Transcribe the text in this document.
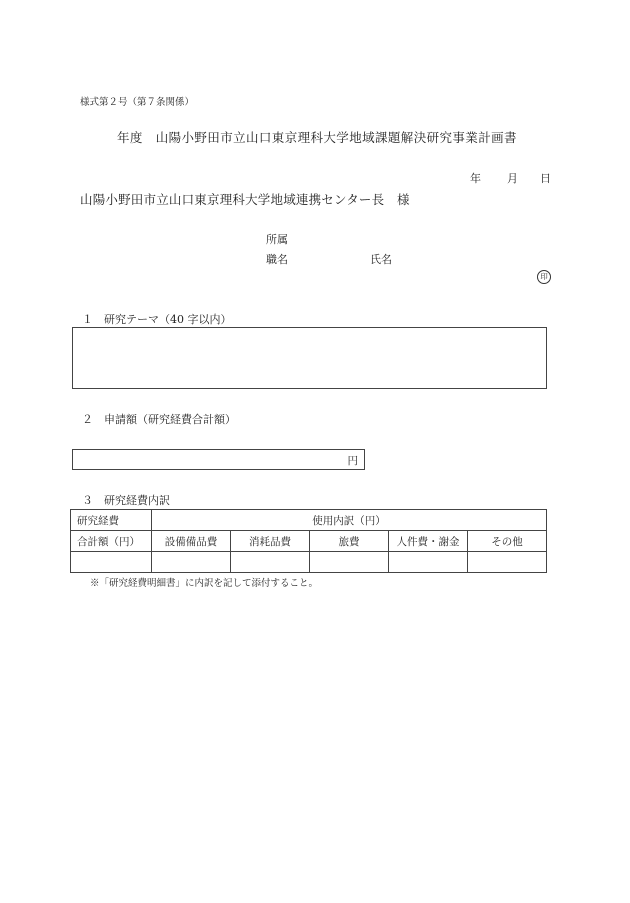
様式第２号（第７条関係）
年度　山陽小野田市立山口東京理科大学地域課題解決研究事業計画書
年 月 日
山陽小野田市立山口東京理科大学地域連携センター長　様
所属
職名	氏名
印
１　研究テーマ（40 字以内）
２　申請額（研究経費合計額）
円
３　研究経費内訳
研究経費	使用内訳（円）				
合計額（円）	設備備品費	消耗品費	旅費	人件費・謝金	その他

※「研究経費明細書」に内訳を記して添付すること。
